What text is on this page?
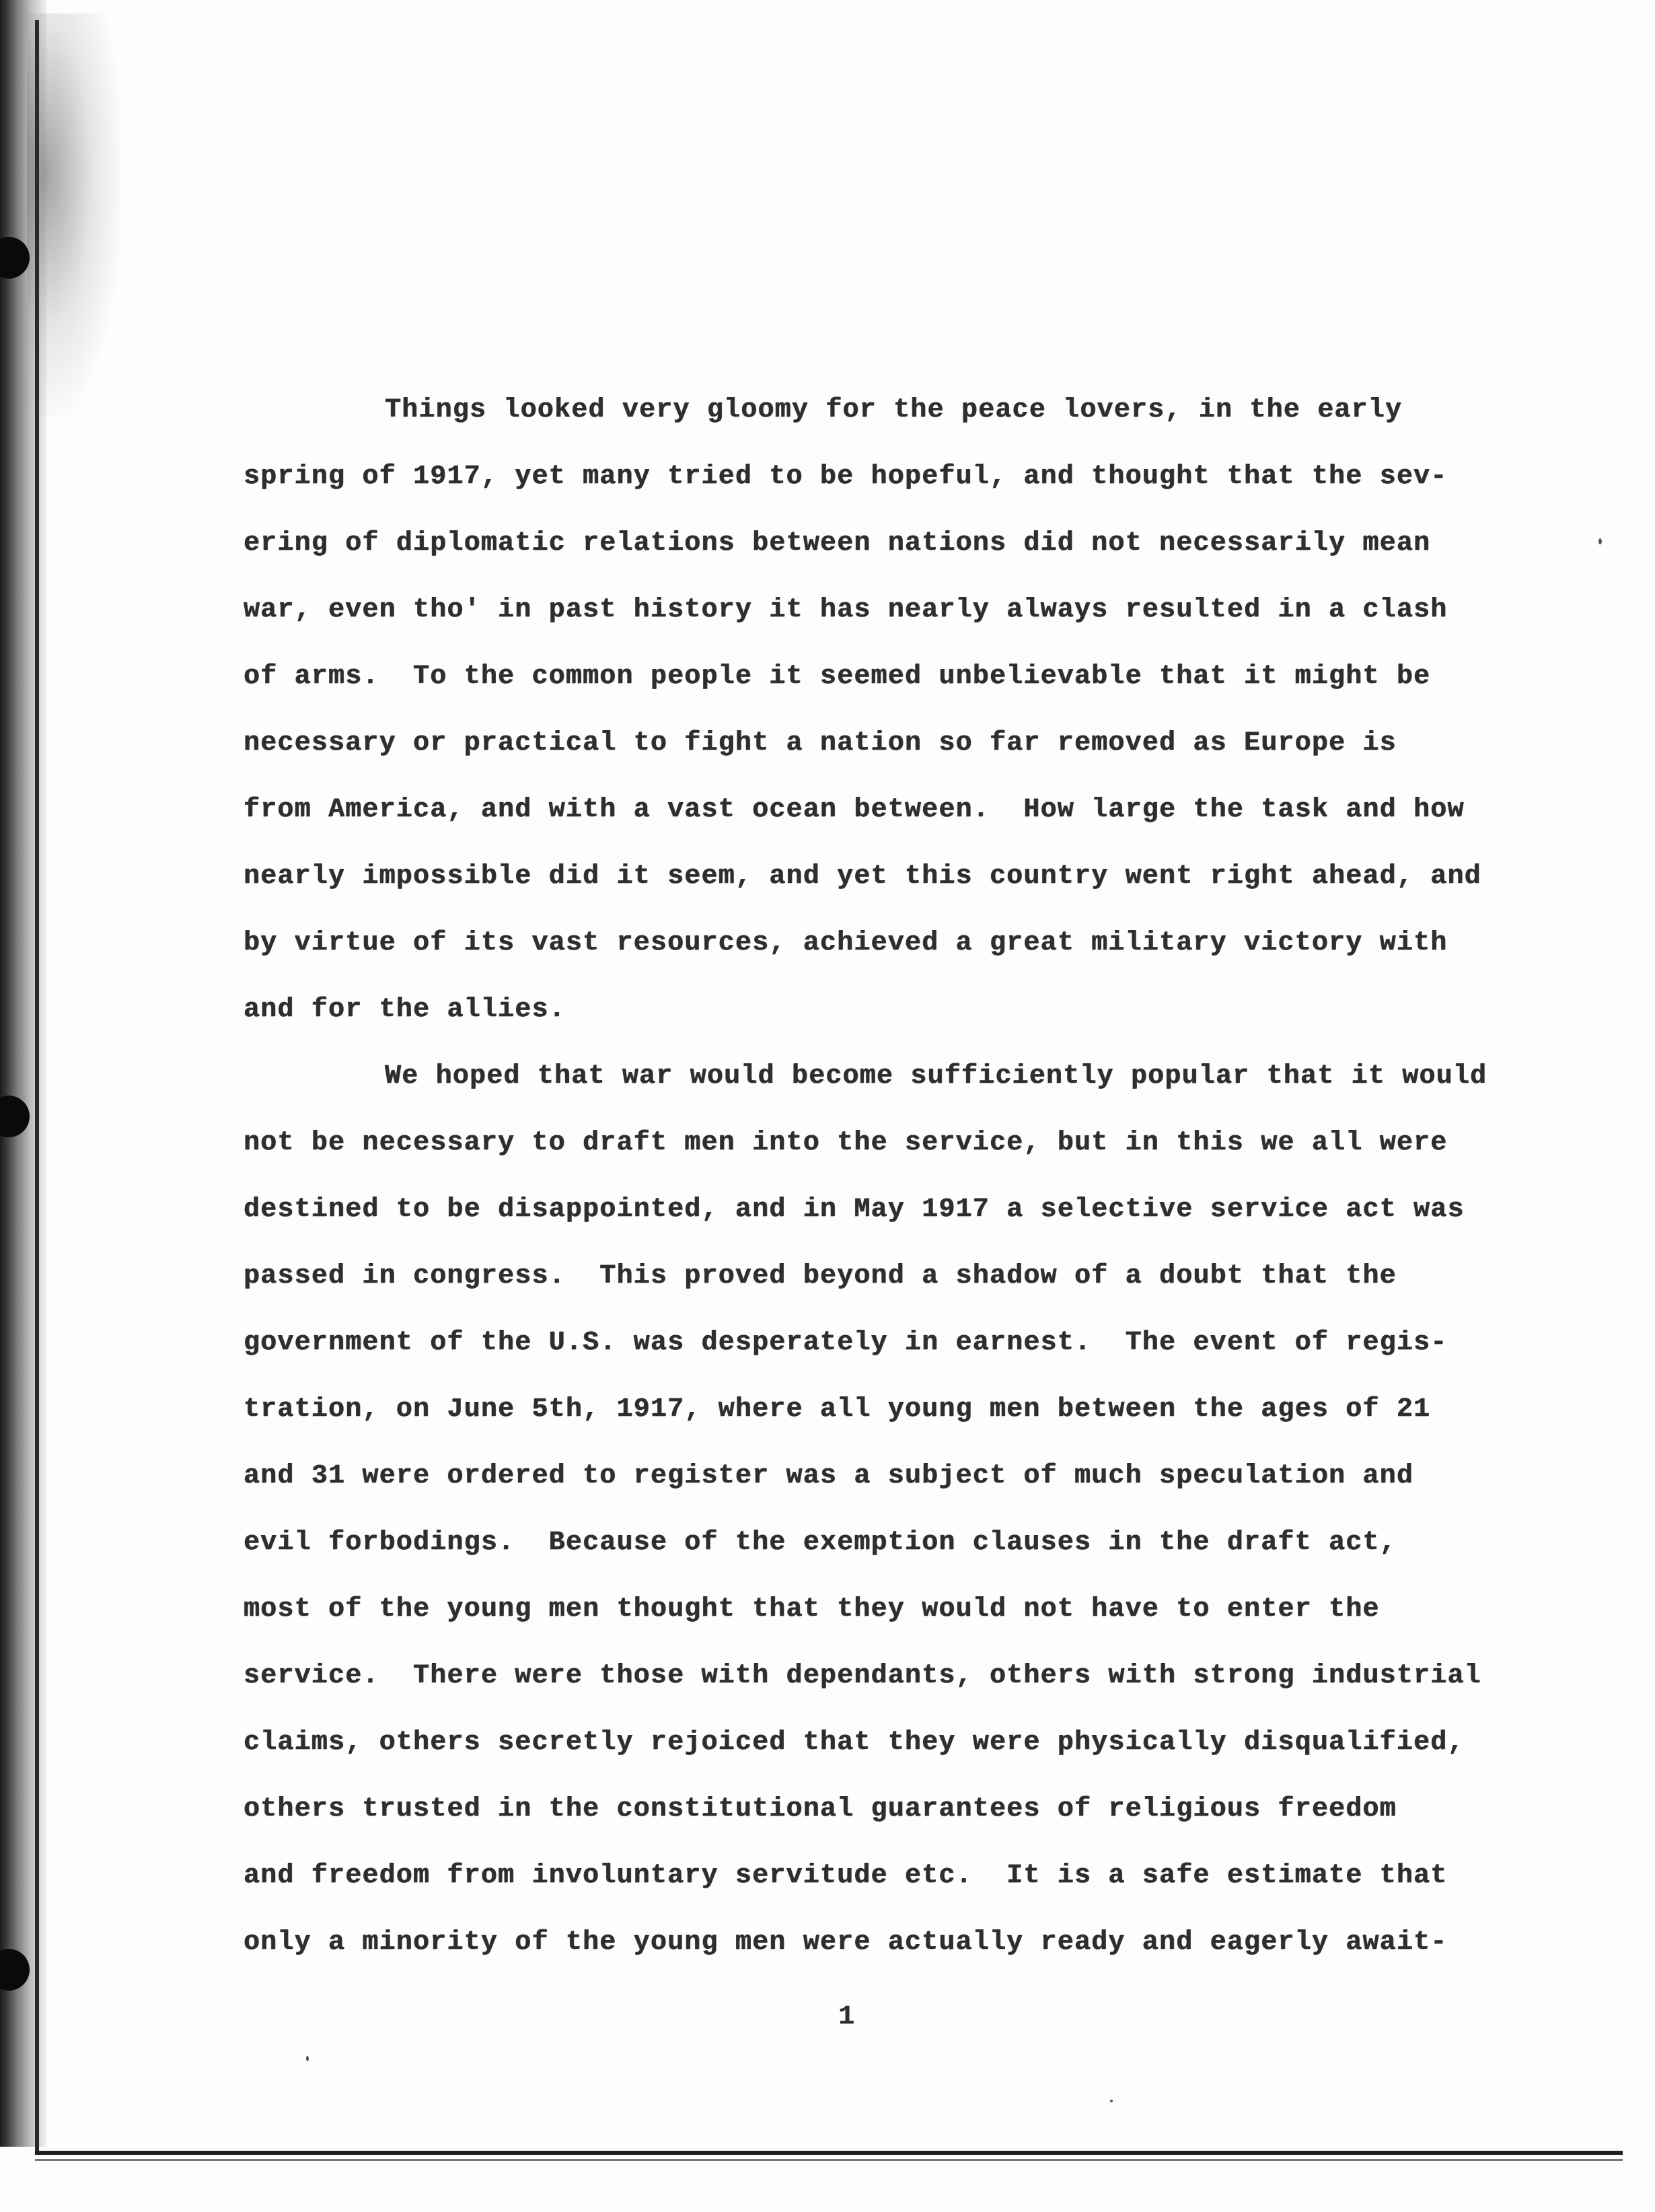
Things looked very gloomy for the peace lovers, in the early
spring of 1917, yet many tried to be hopeful, and thought that the sev-
ering of diplomatic relations between nations did not necessarily mean
war, even tho' in past history it has nearly always resulted in a clash
of arms.  To the common people it seemed unbelievable that it might be
necessary or practical to fight a nation so far removed as Europe is
from America, and with a vast ocean between.  How large the task and how
nearly impossible did it seem, and yet this country went right ahead, and
by virtue of its vast resources, achieved a great military victory with
and for the allies.
We hoped that war would become sufficiently popular that it would
not be necessary to draft men into the service, but in this we all were
destined to be disappointed, and in May 1917 a selective service act was
passed in congress.  This proved beyond a shadow of a doubt that the
government of the U.S. was desperately in earnest.  The event of regis-
tration, on June 5th, 1917, where all young men between the ages of 21
and 31 were ordered to register was a subject of much speculation and
evil forbodings.  Because of the exemption clauses in the draft act,
most of the young men thought that they would not have to enter the
service.  There were those with dependants, others with strong industrial
claims, others secretly rejoiced that they were physically disqualified,
others trusted in the constitutional guarantees of religious freedom
and freedom from involuntary servitude etc.  It is a safe estimate that
only a minority of the young men were actually ready and eagerly await-
1
